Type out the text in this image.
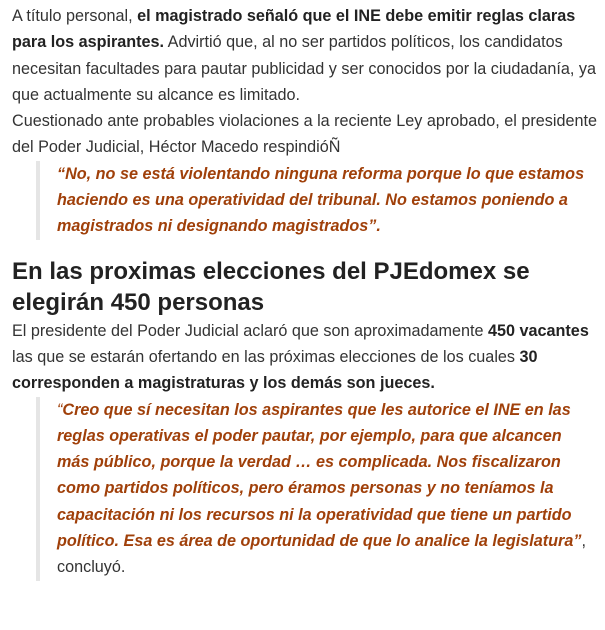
A título personal, el magistrado señaló que el INE debe emitir reglas claras para los aspirantes. Advirtió que, al no ser partidos políticos, los candidatos necesitan facultades para pautar publicidad y ser conocidos por la ciudadanía, ya que actualmente su alcance es limitado.

Cuestionado ante probables violaciones a la reciente Ley aprobado, el presidente del Poder Judicial, Héctor Macedo respindióÑ

“No, no se está violentando ninguna reforma porque lo que estamos haciendo es una operatividad del tribunal. No estamos poniendo a magistrados ni designando magistrados”.
En las proximas elecciones del PJEdomex se elegirán 450 personas

El presidente del Poder Judicial aclaró que son aproximadamente 450 vacantes las que se estarán ofertando en las próximas elecciones de los cuales 30 corresponden a magistraturas y los demás son jueces.

“Creo que sí necesitan los aspirantes que les autorice el INE en las reglas operativas el poder pautar, por ejemplo, para que alcancen más público, porque la verdad … es complicada. Nos fiscalizaron como partidos políticos, pero éramos personas y no teníamos la capacitación ni los recursos ni la operatividad que tiene un partido político. Esa es área de oportunidad de que lo analice la legislatura”, concluyó.
